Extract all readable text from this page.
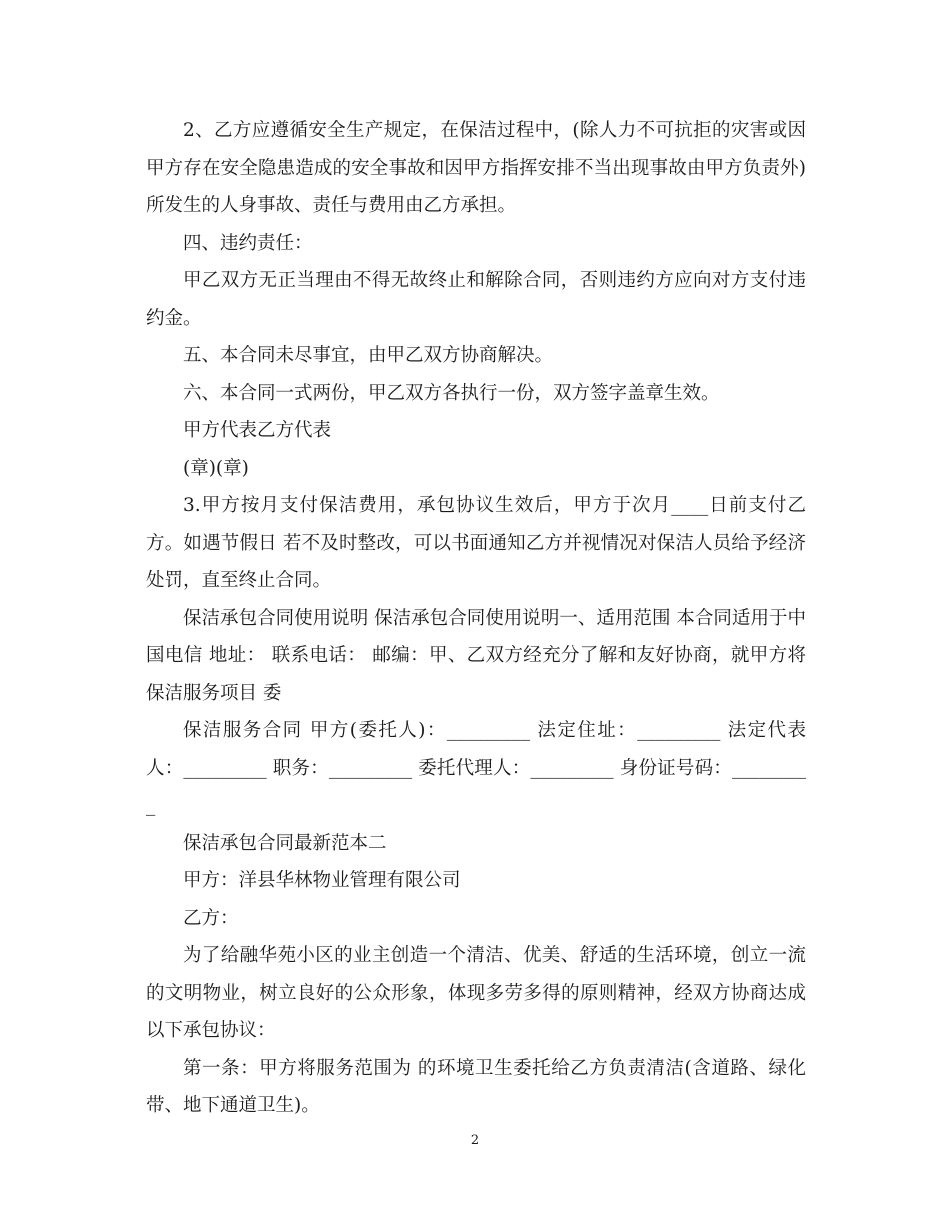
2、乙方应遵循安全生产规定，在保洁过程中，(除人力不可抗拒的灾害或因甲方存在安全隐患造成的安全事故和因甲方指挥安排不当出现事故由甲方负责外)所发生的人身事故、责任与费用由乙方承担。

四、违约责任：

甲乙双方无正当理由不得无故终止和解除合同，否则违约方应向对方支付违约金。

五、本合同未尽事宜，由甲乙双方协商解决。

六、本合同一式两份，甲乙双方各执行一份，双方签字盖章生效。

甲方代表乙方代表

(章)(章)

3.甲方按月支付保洁费用，承包协议生效后，甲方于次月____日前支付乙方。如遇节假日 若不及时整改，可以书面通知乙方并视情况对保洁人员给予经济处罚，直至终止合同。

保洁承包合同使用说明 保洁承包合同使用说明一、适用范围 本合同适用于中国电信 地址： 联系电话： 邮编：甲、乙双方经充分了解和友好协商，就甲方将保洁服务项目 委

保洁服务合同 甲方(委托人)：_________ 法定住址：_________ 法定代表人：_________ 职务：_________ 委托代理人：_________ 身份证号码：_________

保洁承包合同最新范本二

甲方：洋县华林物业管理有限公司

乙方：

为了给融华苑小区的业主创造一个清洁、优美、舒适的生活环境，创立一流的文明物业，树立良好的公众形象，体现多劳多得的原则精神，经双方协商达成以下承包协议：

第一条：甲方将服务范围为 的环境卫生委托给乙方负责清洁(含道路、绿化带、地下通道卫生)。

2
